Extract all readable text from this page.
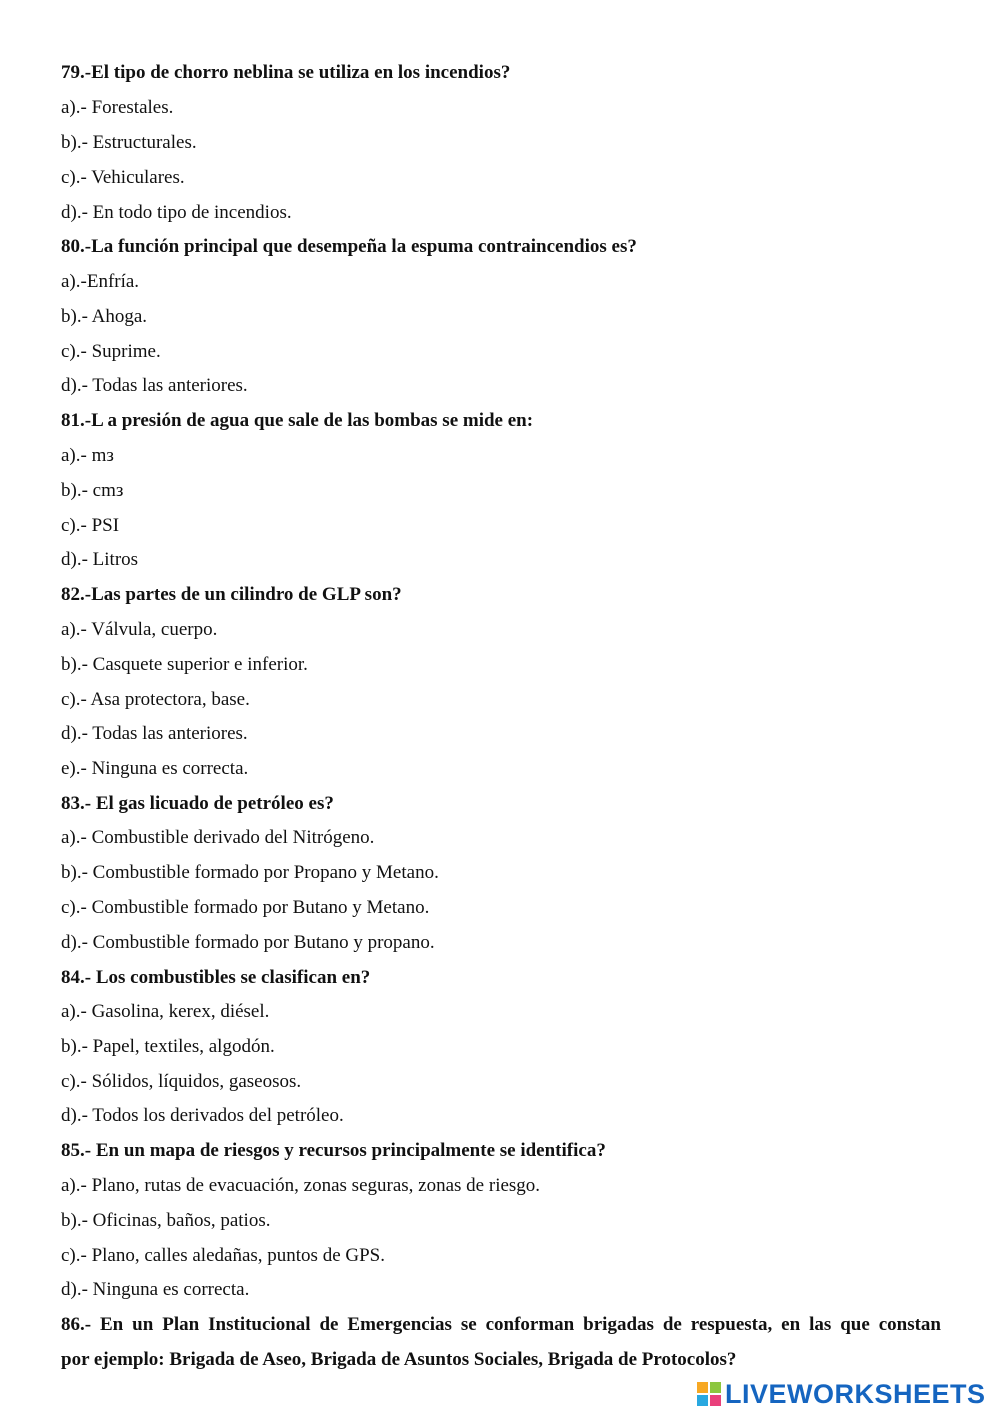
79.-El tipo de chorro neblina se utiliza en los incendios?
a).- Forestales.
b).- Estructurales.
c).- Vehiculares.
d).- En todo tipo de incendios.
80.-La función principal que desempeña la espuma contraincendios es?
a).-Enfría.
b).- Ahoga.
c).- Suprime.
d).- Todas las anteriores.
81.-L a presión de agua que sale de las bombas se mide en:
a).- mз
b).- cmз
c).- PSI
d).- Litros
82.-Las partes de un cilindro de GLP son?
a).- Válvula, cuerpo.
b).- Casquete superior e inferior.
c).- Asa protectora, base.
d).- Todas las anteriores.
e).- Ninguna es correcta.
83.- El gas licuado de petróleo es?
a).- Combustible derivado del Nitrógeno.
b).- Combustible formado por Propano y Metano.
c).- Combustible formado por Butano y Metano.
d).- Combustible formado por Butano y propano.
84.- Los combustibles se clasifican en?
a).- Gasolina, kerex, diésel.
b).- Papel, textiles, algodón.
c).- Sólidos, líquidos, gaseosos.
d).- Todos los derivados del petróleo.
85.- En un mapa de riesgos y recursos principalmente se identifica?
a).- Plano, rutas de evacuación, zonas seguras, zonas de riesgo.
b).- Oficinas, baños, patios.
c).- Plano, calles aledañas, puntos de GPS.
d).- Ninguna es correcta.
86.- En un Plan Institucional de Emergencias se conforman brigadas de respuesta, en las que constan
por ejemplo: Brigada de Aseo, Brigada de Asuntos Sociales, Brigada de Protocolos?
LIVEWORKSHEETS
